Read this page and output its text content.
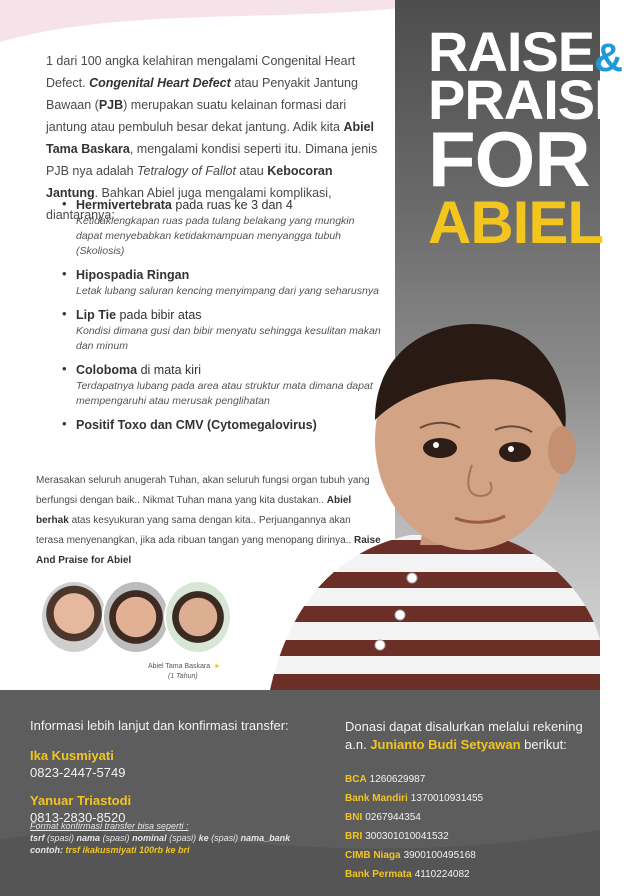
RAISE&
PRAISE
FOR
ABIEL

1 dari 100 angka kelahiran mengalami Congenital Heart Defect. Congenital Heart Defect atau Penyakit Jantung Bawaan (PJB) merupakan suatu kelainan formasi dari jantung atau pembuluh besar dekat jantung. Adik kita Abiel Tama Baskara, mengalami kondisi seperti itu. Dimana jenis PJB nya adalah Tetralogy of Fallot atau Kebocoran Jantung. Bahkan Abiel juga mengalami komplikasi, diantaranya:

• Hermivertebrata pada ruas ke 3 dan 4
Ketidaklengkapan ruas pada tulang belakang yang mungkin dapat menyebabkan ketidakmampuan menyangga tubuh (Skoliosis)
• Hipospadia Ringan
Letak lubang saluran kencing menyimpang dari yang seharusnya
• Lip Tie pada bibir atas
Kondisi dimana gusi dan bibir menyatu sehingga kesulitan makan dan minum
• Coloboma di mata kiri
Terdapatnya lubang pada area atau struktur mata dimana dapat mempengaruhi atau merusak penglihatan
• Positif Toxo dan CMV (Cytomegalovirus)

Merasakan seluruh anugerah Tuhan, akan seluruh fungsi organ tubuh yang berfungsi dengan baik.. Nikmat Tuhan mana yang kita dustakan.. Abiel berhak atas kesyukuran yang sama dengan kita.. Perjuangannya akan terasa menyenangkan, jika ada ribuan tangan yang menopang dirinya.. Raise And Praise for Abiel

Abiel Tama Baskara ►
(1 Tahun)
Informasi lebih lanjut dan konfirmasi transfer:
Ika Kusmiyati
0823-2447-5749
Yanuar Triastodi
0813-2830-8520
Format konfirmasi transfer bisa seperti :
tsrf (spasi) nama (spasi) nominal (spasi) ke (spasi) nama_bank
contoh: trsf ikakusmiyati 100rb ke bri
Donasi dapat disalurkan melalui rekening
a.n. Junianto Budi Setyawan berikut:
BCA 1260629987
Bank Mandiri 1370010931455
BNI 0267944354
BRI 300301010041532
CIMB Niaga 3900100495168
Bank Permata 4110224082
